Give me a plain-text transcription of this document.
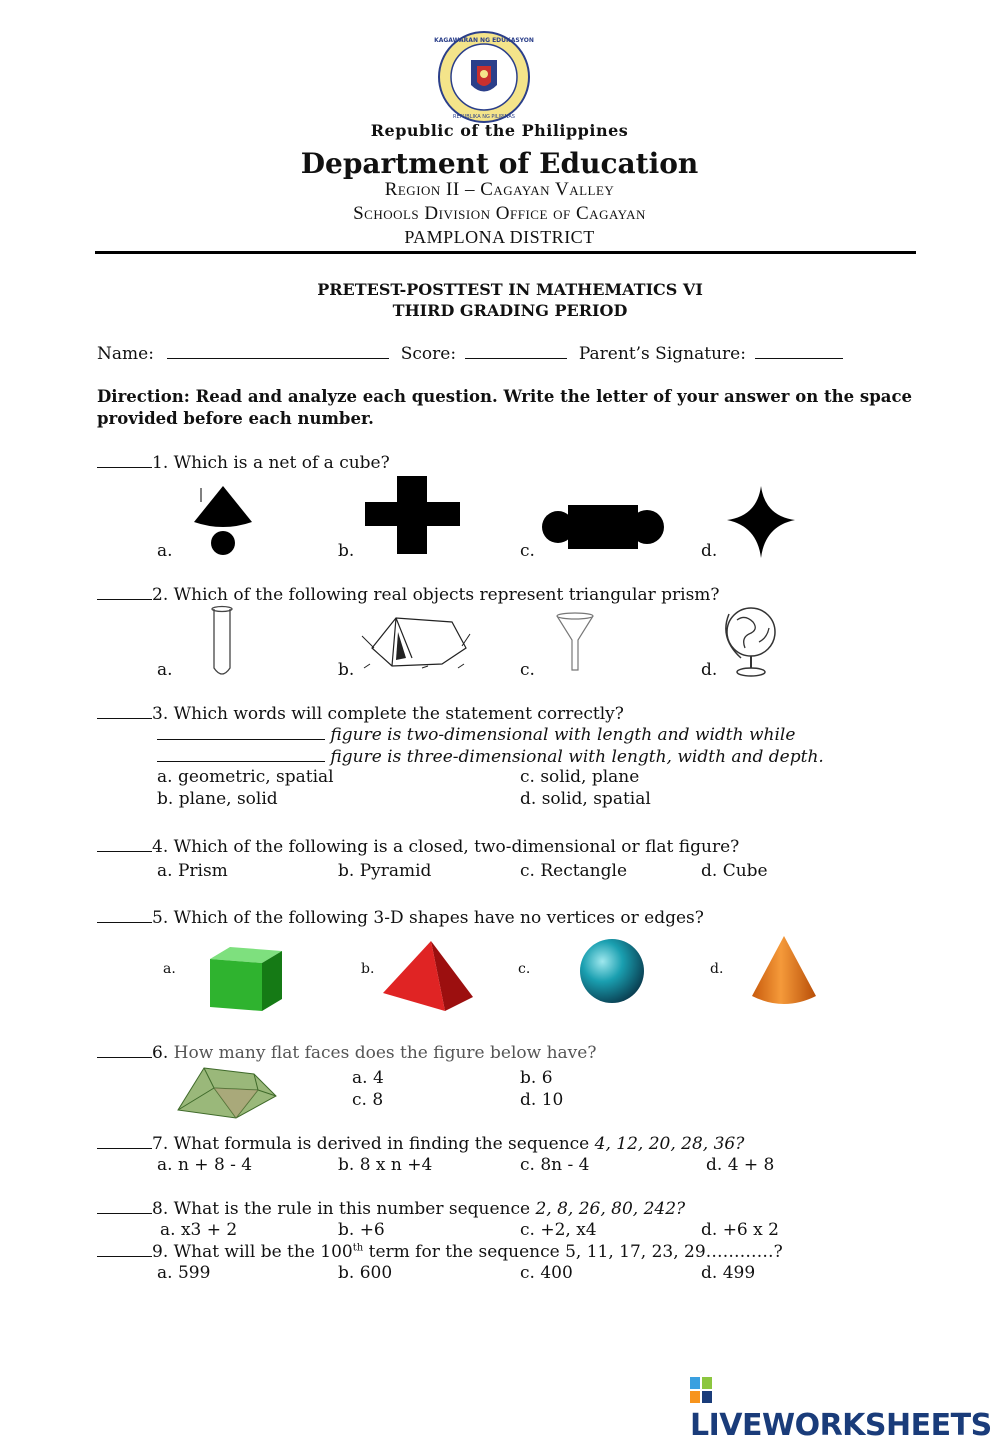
KAGAWARAN NG EDUKASYON
REPUBLIKA NG PILIPINAS
Republic of the Philippines
Department of Education
Region II – Cagayan Valley
Schools Division Office of Cagayan
PAMPLONA DISTRICT
PRETEST-POSTTEST IN MATHEMATICS VI
THIRD GRADING PERIOD
Name:	Score:	Parent’s Signature:
Direction: Read and analyze each question. Write the letter of your answer on the space provided before each number.
1. Which is a net of a cube?
a.	b.	c.	d.
2. Which of the following real objects represent triangular prism?
a.	b.	c.	d.
3. Which words will complete the statement correctly?
figure is two-dimensional with length and width while
figure is three-dimensional with length, width and depth.
a. geometric, spatial	c. solid, plane
b. plane, solid	d. solid, spatial
4. Which of the following is a closed, two-dimensional or flat figure?
a. Prism	b. Pyramid	c. Rectangle	d. Cube
5. Which of the following 3-D shapes have no vertices or edges?
a.	b.	c.	d.
6. How many flat faces does the figure below have?
a. 4	b. 6
c. 8	d. 10
7. What formula is derived in finding the sequence 4, 12, 20, 28, 36?
a. n + 8 - 4	b. 8 x n +4	c. 8n - 4	d. 4 + 8
8. What is the rule in this number sequence 2, 8, 26, 80, 242?
a. x3 + 2	b. +6	c. +2, x4	d. +6 x 2
9. What will be the 100th term for the sequence 5, 11, 17, 23, 29…………?
a. 599	b. 600	c. 400	d. 499
LIVEWORKSHEETS
